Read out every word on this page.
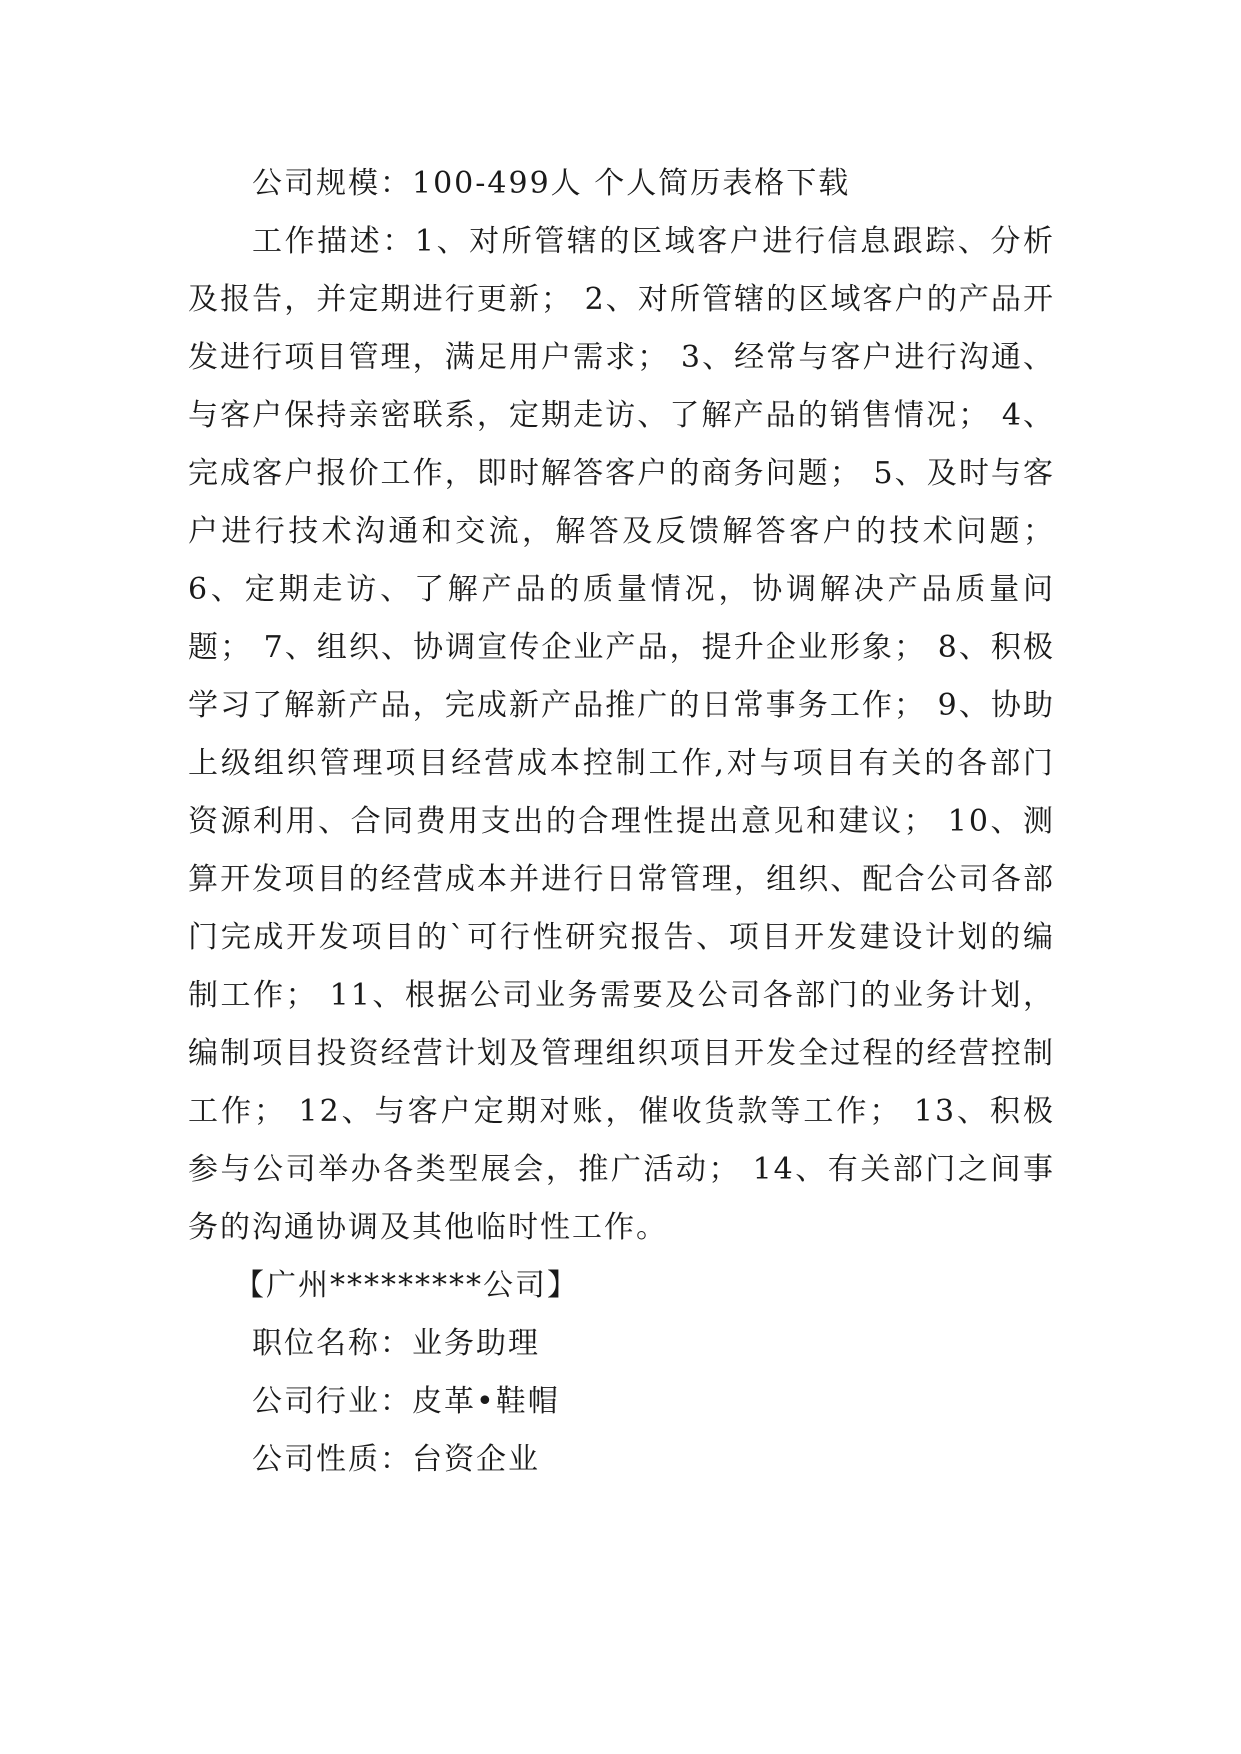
公司规模：100-499人 个人简历表格下载

工作描述：1、对所管辖的区域客户进行信息跟踪、分析及报告，并定期进行更新； 2、对所管辖的区域客户的产品开发进行项目管理，满足用户需求； 3、经常与客户进行沟通、与客户保持亲密联系，定期走访、了解产品的销售情况； 4、完成客户报价工作，即时解答客户的商务问题； 5、及时与客户进行技术沟通和交流，解答及反馈解答客户的技术问题； 6、定期走访、了解产品的质量情况，协调解决产品质量问题； 7、组织、协调宣传企业产品，提升企业形象； 8、积极学习了解新产品，完成新产品推广的日常事务工作； 9、协助上级组织管理项目经营成本控制工作,对与项目有关的各部门资源利用、合同费用支出的合理性提出意见和建议； 10、测算开发项目的经营成本并进行日常管理，组织、配合公司各部门完成开发项目的`可行性研究报告、项目开发建设计划的编制工作； 11、根据公司业务需要及公司各部门的业务计划，编制项目投资经营计划及管理组织项目开发全过程的经营控制工作； 12、与客户定期对账，催收货款等工作； 13、积极参与公司举办各类型展会，推广活动； 14、有关部门之间事务的沟通协调及其他临时性工作。

【广州*********公司】

职位名称：业务助理

公司行业：皮革•鞋帽

公司性质：台资企业
